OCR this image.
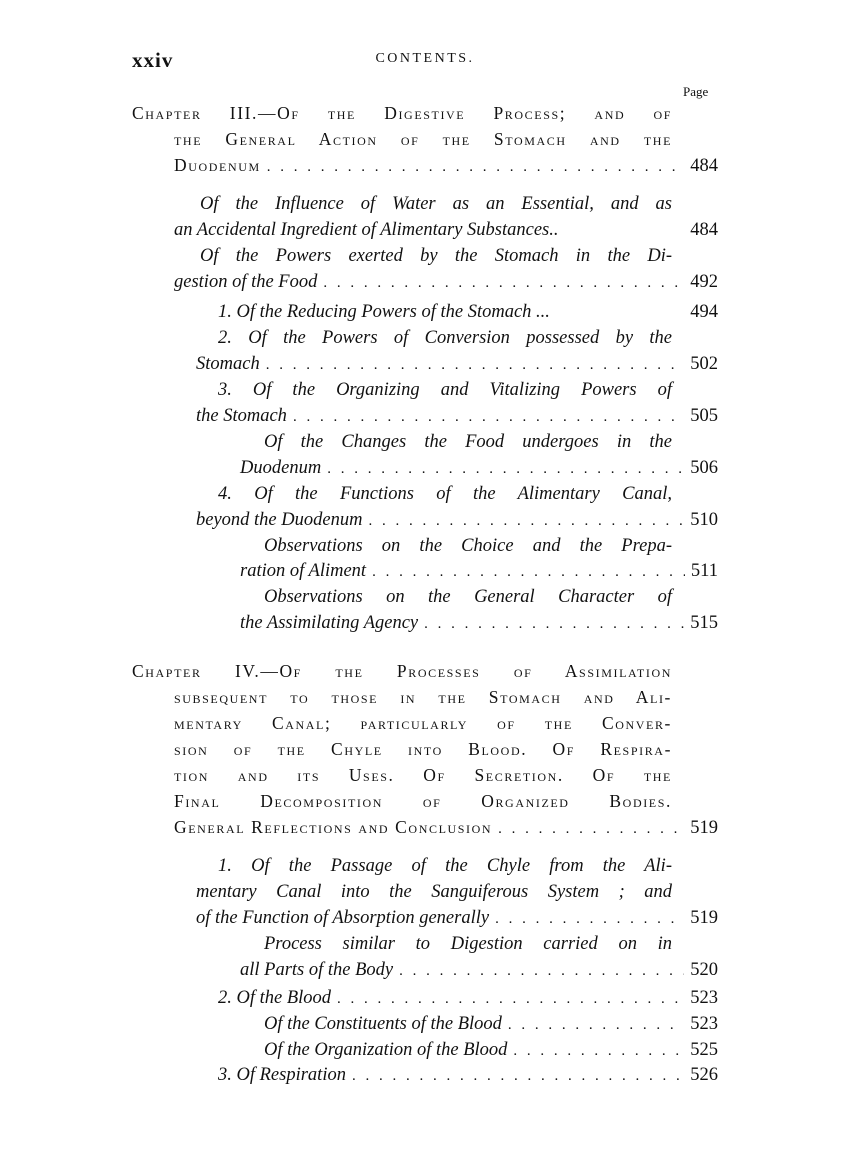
xxiv	CONTENTS.
Page
Chapter III.—Of the Digestive Process; and of
the General Action of the Stomach and the
Duodenum . . .	484
Of the Influence of Water as an Essential, and as
an Accidental Ingredient of Alimentary Substances..	484
Of the Powers exerted by the Stomach in the Di-
gestion of the Food . . .	492
1. Of the Reducing Powers of the Stomach ...	494
2. Of the Powers of Conversion possessed by the
Stomach . . .	502
3. Of the Organizing and Vitalizing Powers of
the Stomach . . .	505
Of the Changes the Food undergoes in the
Duodenum . . .	506
4. Of the Functions of the Alimentary Canal,
beyond the Duodenum . . .	510
Observations on the Choice and the Prepa-
ration of Aliment . . .	511
Observations on the General Character of
the Assimilating Agency . . .	515
Chapter IV.—Of the Processes of Assimilation
subsequent to those in the Stomach and Ali-
mentary Canal; particularly of the Conver-
sion of the Chyle into Blood. Of Respira-
tion and its Uses. Of Secretion. Of the
Final Decomposition of Organized Bodies.
General Reflections and Conclusion . . .	519
1. Of the Passage of the Chyle from the Ali-
mentary Canal into the Sanguiferous System ; and
of the Function of Absorption generally . . .	519
Process similar to Digestion carried on in
all Parts of the Body . . .	520
2. Of the Blood . . .	523
Of the Constituents of the Blood . . .	523
Of the Organization of the Blood . . .	525
3. Of Respiration . . .	526
